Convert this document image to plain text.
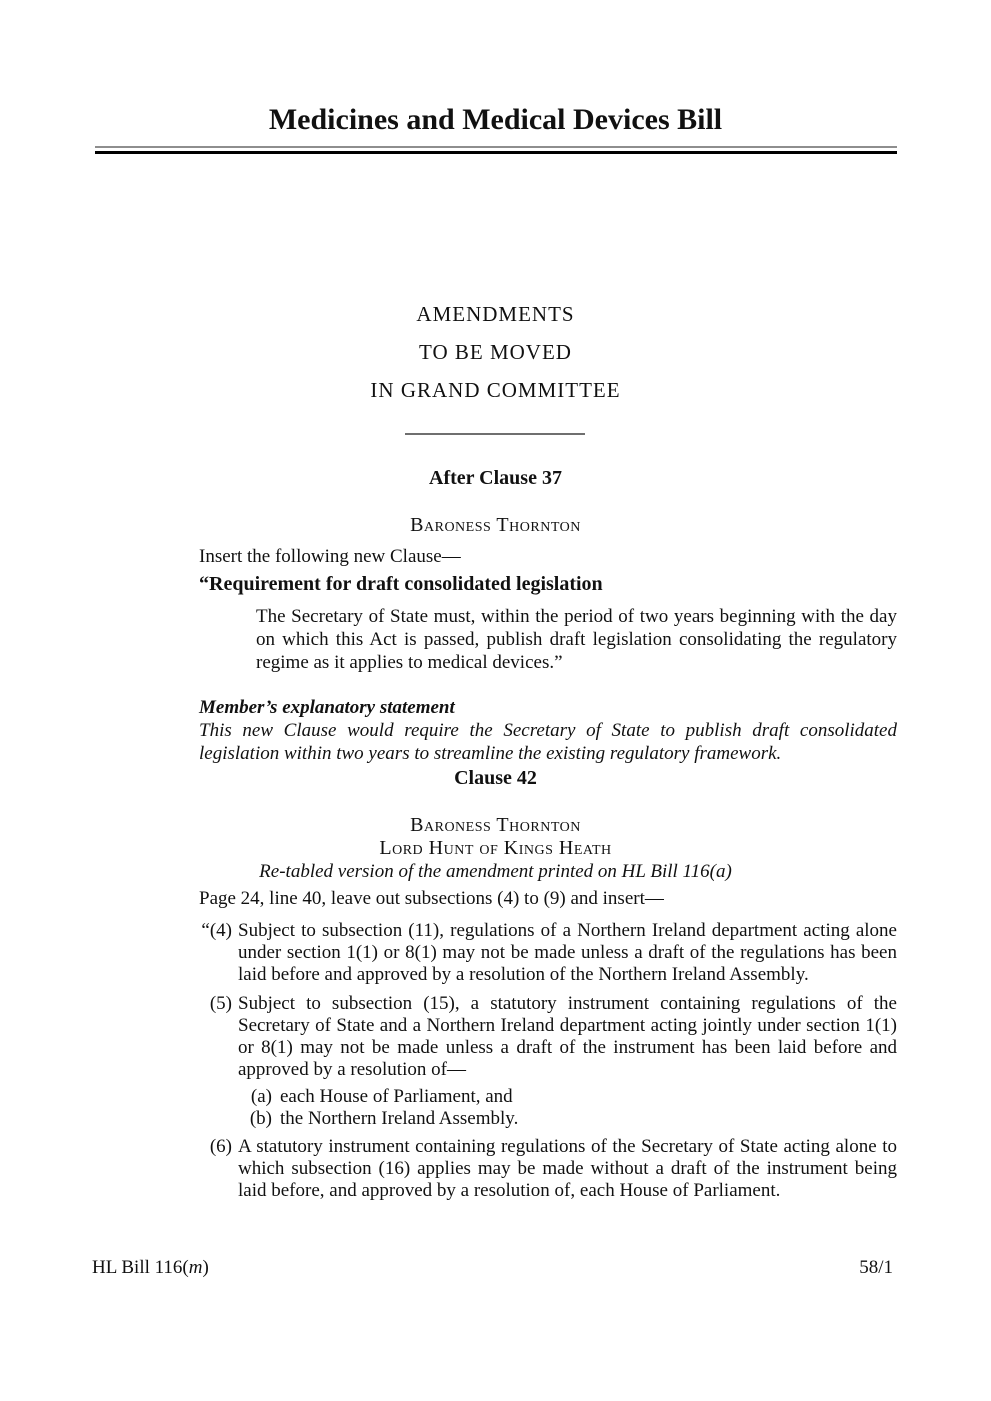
Medicines and Medical Devices Bill
AMENDMENTS
TO BE MOVED
IN GRAND COMMITTEE
After Clause 37
Baroness Thornton

Insert the following new Clause—

“Requirement for draft consolidated legislation

The Secretary of State must, within the period of two years beginning with the day on which this Act is passed, publish draft legislation consolidating the regulatory regime as it applies to medical devices.”

Member’s explanatory statement

This new Clause would require the Secretary of State to publish draft consolidated legislation within two years to streamline the existing regulatory framework.

Clause 42
Baroness Thornton
Lord Hunt of Kings Heath
Re-tabled version of the amendment printed on HL Bill 116(a)

Page 24, line 40, leave out subsections (4) to (9) and insert—

“(4) Subject to subsection (11), regulations of a Northern Ireland department acting alone under section 1(1) or 8(1) may not be made unless a draft of the regulations has been laid before and approved by a resolution of the Northern Ireland Assembly.
(5) Subject to subsection (15), a statutory instrument containing regulations of the Secretary of State and a Northern Ireland department acting jointly under section 1(1) or 8(1) may not be made unless a draft of the instrument has been laid before and approved by a resolution of—
(a) each House of Parliament, and
(b) the Northern Ireland Assembly.
(6) A statutory instrument containing regulations of the Secretary of State acting alone to which subsection (16) applies may be made without a draft of the instrument being laid before, and approved by a resolution of, each House of Parliament.
HL Bill 116(m)	58/1
